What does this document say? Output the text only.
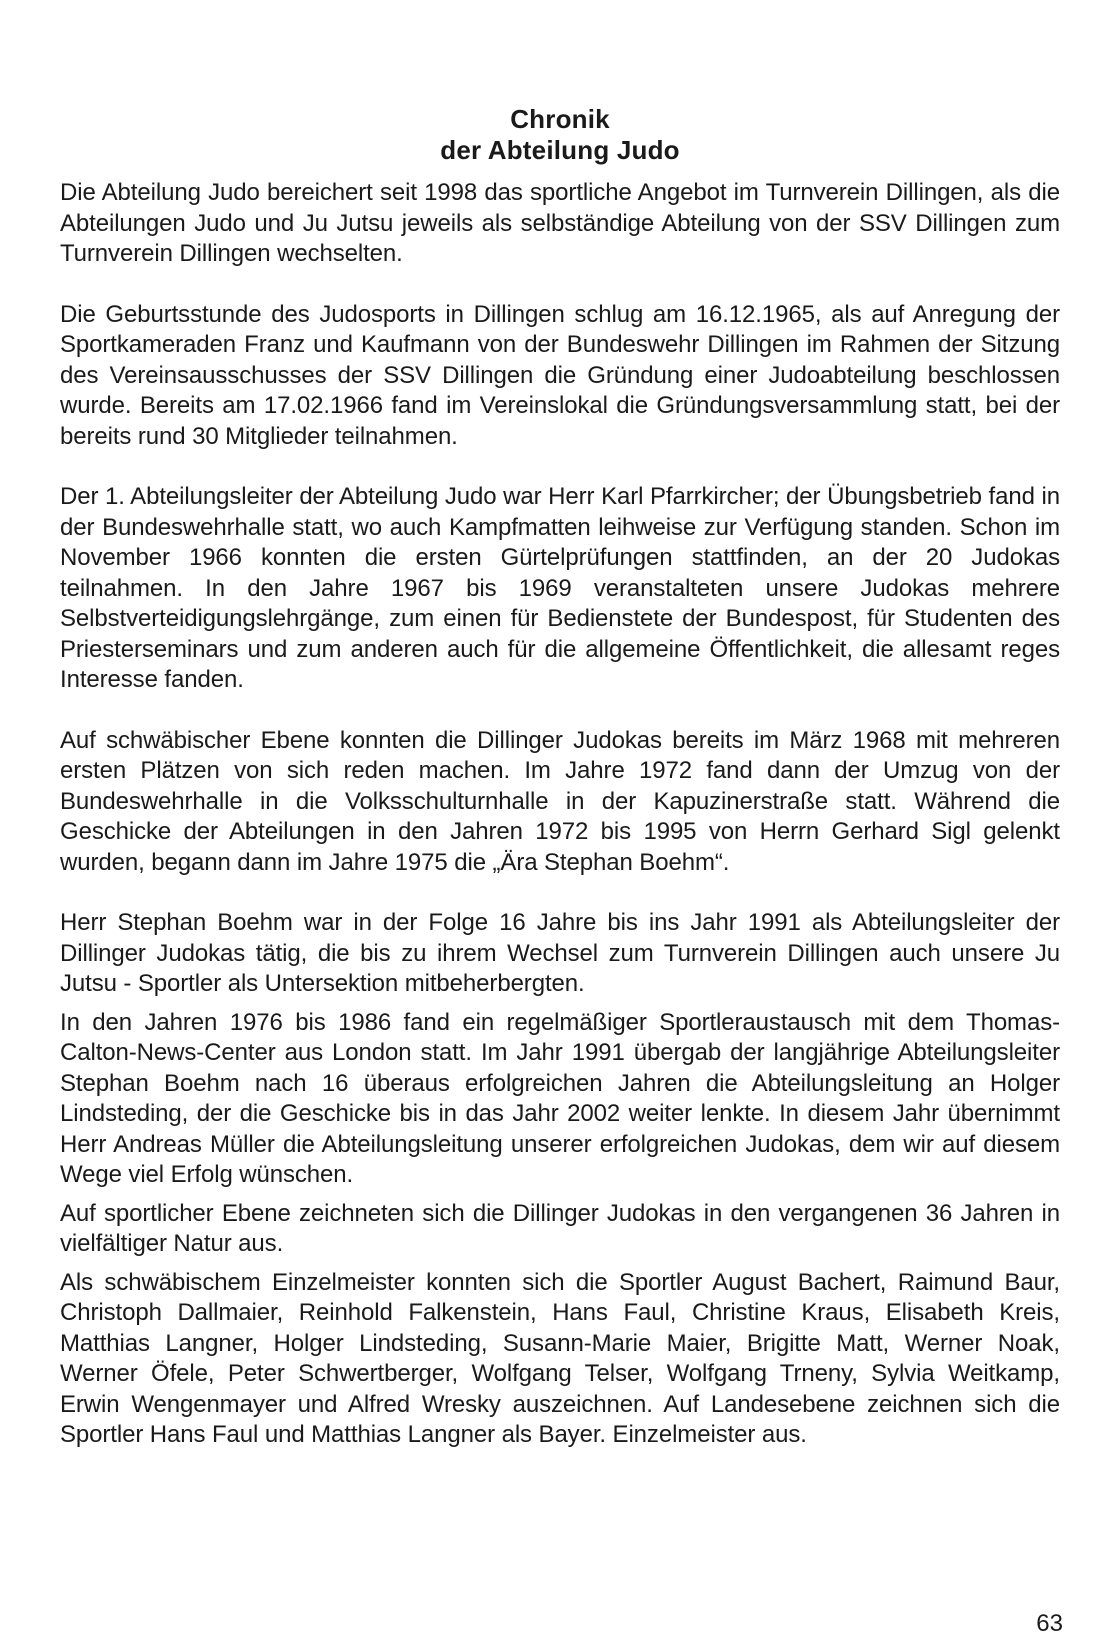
Chronik
der Abteilung Judo

Die Abteilung Judo bereichert seit 1998 das sportliche Angebot im Turnverein Dillingen, als die Abteilungen Judo und Ju Jutsu jeweils als selbständige Abteilung von der SSV Dillingen zum Turnverein Dillingen wechselten.

Die Geburtsstunde des Judosports in Dillingen schlug am 16.12.1965, als auf Anregung der Sportkameraden Franz und Kaufmann von der Bundeswehr Dillingen im Rahmen der Sitzung des Vereinsausschusses der SSV Dillingen die Gründung einer Judoabteilung beschlossen wurde. Bereits am 17.02.1966 fand im Vereinslokal die Gründungsversammlung statt, bei der bereits rund 30 Mitglieder teilnahmen.

Der 1. Abteilungsleiter der Abteilung Judo war Herr Karl Pfarrkircher; der Übungsbetrieb fand in der Bundeswehrhalle statt, wo auch Kampfmatten leihweise zur Verfügung standen. Schon im November 1966 konnten die ersten Gürtelprüfungen stattfinden, an der 20 Judokas teilnahmen. In den Jahre 1967 bis 1969 veranstalteten unsere Judokas mehrere Selbstverteidigungslehrgänge, zum einen für Bedienstete der Bundespost, für Studenten des Priesterseminars und zum anderen auch für die allgemeine Öffentlichkeit, die allesamt reges Interesse fanden.

Auf schwäbischer Ebene konnten die Dillinger Judokas bereits im März 1968 mit mehreren ersten Plätzen von sich reden machen. Im Jahre 1972 fand dann der Umzug von der Bundeswehrhalle in die Volksschulturnhalle in der Kapuzinerstraße statt. Während die Geschicke der Abteilungen in den Jahren 1972 bis 1995 von Herrn Gerhard Sigl gelenkt wurden, begann dann im Jahre 1975 die „Ära Stephan Boehm“.

Herr Stephan Boehm war in der Folge 16 Jahre bis ins Jahr 1991 als Abteilungsleiter der Dillinger Judokas tätig, die bis zu ihrem Wechsel zum Turnverein Dillingen auch unsere Ju Jutsu - Sportler als Untersektion mitbeherbergten.

In den Jahren 1976 bis 1986 fand ein regelmäßiger Sportleraustausch mit dem Thomas-Calton-News-Center aus London statt. Im Jahr 1991 übergab der langjährige Abteilungsleiter Stephan Boehm nach 16 überaus erfolgreichen Jahren die Abteilungsleitung an Holger Lindsteding, der die Geschicke bis in das Jahr 2002 weiter lenkte. In diesem Jahr übernimmt Herr Andreas Müller die Abteilungsleitung unserer erfolgreichen Judokas, dem wir auf diesem Wege viel Erfolg wünschen.

Auf sportlicher Ebene zeichneten sich die Dillinger Judokas in den vergangenen 36 Jahren in vielfältiger Natur aus.

Als schwäbischem Einzelmeister konnten sich die Sportler August Bachert, Raimund Baur, Christoph Dallmaier, Reinhold Falkenstein, Hans Faul, Christine Kraus, Elisabeth Kreis, Matthias Langner, Holger Lindsteding, Susann-Marie Maier, Brigitte Matt, Werner Noak, Werner Öfele, Peter Schwertberger, Wolfgang Telser, Wolfgang Trneny, Sylvia Weitkamp, Erwin Wengenmayer und Alfred Wresky auszeichnen. Auf Landesebene zeichnen sich die Sportler Hans Faul und Matthias Langner als Bayer. Einzelmeister aus.

63
